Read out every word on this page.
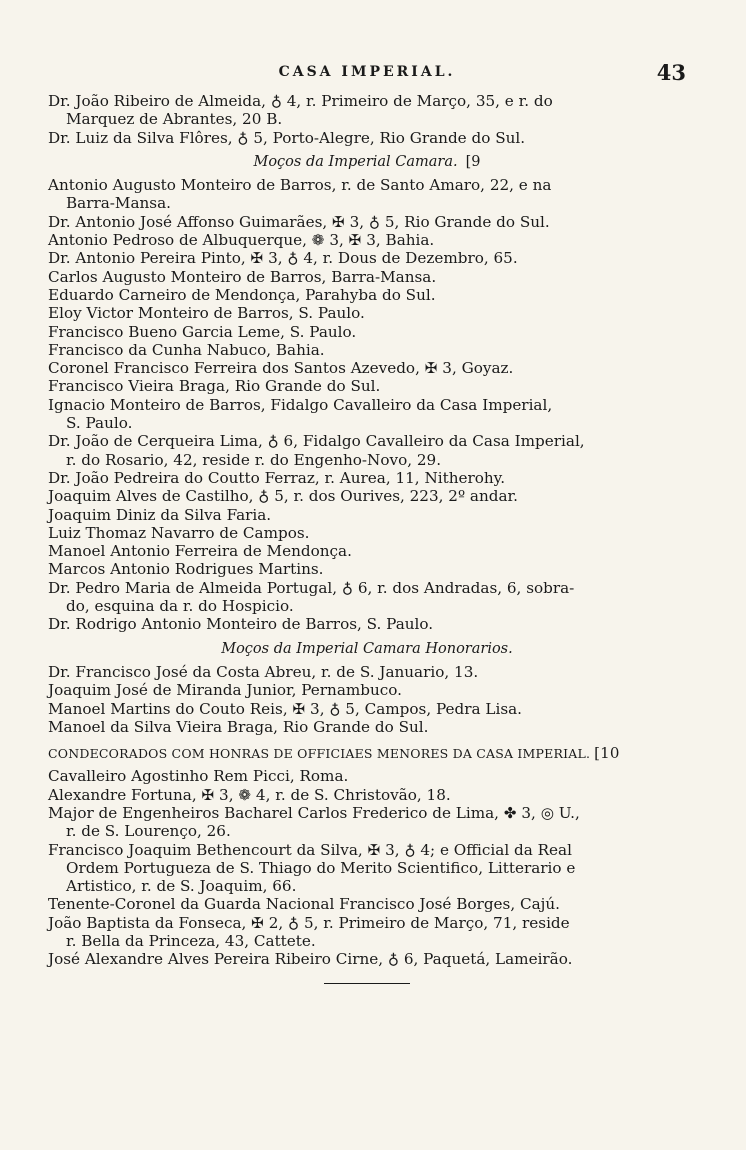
CASA IMPERIAL.	43
Dr. João Ribeiro de Almeida, ♁ 4, r. Primeiro de Março, 35, e r. do
Marquez de Abrantes, 20 B.
Dr. Luiz da Silva Flôres, ♁ 5, Porto-Alegre, Rio Grande do Sul.
Moços da Imperial Camara. [9
Antonio Augusto Monteiro de Barros, r. de Santo Amaro, 22, e na
Barra-Mansa.
Dr. Antonio José Affonso Guimarães, ✠ 3, ♁ 5, Rio Grande do Sul.
Antonio Pedroso de Albuquerque, ❁ 3, ✠ 3, Bahia.
Dr. Antonio Pereira Pinto, ✠ 3, ♁ 4, r. Dous de Dezembro, 65.
Carlos Augusto Monteiro de Barros, Barra-Mansa.
Eduardo Carneiro de Mendonça, Parahyba do Sul.
Eloy Victor Monteiro de Barros, S. Paulo.
Francisco Bueno Garcia Leme, S. Paulo.
Francisco da Cunha Nabuco, Bahia.
Coronel Francisco Ferreira dos Santos Azevedo, ✠ 3, Goyaz.
Francisco Vieira Braga, Rio Grande do Sul.
Ignacio Monteiro de Barros, Fidalgo Cavalleiro da Casa Imperial,
S. Paulo.
Dr. João de Cerqueira Lima, ♁ 6, Fidalgo Cavalleiro da Casa Imperial,
r. do Rosario, 42, reside r. do Engenho-Novo, 29.
Dr. João Pedreira do Coutto Ferraz, r. Aurea, 11, Nitherohy.
Joaquim Alves de Castilho, ♁ 5, r. dos Ourives, 223, 2º andar.
Joaquim Diniz da Silva Faria.
Luiz Thomaz Navarro de Campos.
Manoel Antonio Ferreira de Mendonça.
Marcos Antonio Rodrigues Martins.
Dr. Pedro Maria de Almeida Portugal, ♁ 6, r. dos Andradas, 6, sobra-
do, esquina da r. do Hospicio.
Dr. Rodrigo Antonio Monteiro de Barros, S. Paulo.
Moços da Imperial Camara Honorarios.
Dr. Francisco José da Costa Abreu, r. de S. Januario, 13.
Joaquim José de Miranda Junior, Pernambuco.
Manoel Martins do Couto Reis, ✠ 3, ♁ 5, Campos, Pedra Lisa.
Manoel da Silva Vieira Braga, Rio Grande do Sul.
CONDECORADOS COM HONRAS DE OFFICIAES MENORES DA CASA IMPERIAL. [10
Cavalleiro Agostinho Rem Picci, Roma.
Alexandre Fortuna, ✠ 3, ❁ 4, r. de S. Christovão, 18.
Major de Engenheiros Bacharel Carlos Frederico de Lima, ✤ 3, ◎ U.,
r. de S. Lourenço, 26.
Francisco Joaquim Bethencourt da Silva, ✠ 3, ♁ 4; e Official da Real
Ordem Portugueza de S. Thiago do Merito Scientifico, Litterario e
Artistico, r. de S. Joaquim, 66.
Tenente-Coronel da Guarda Nacional Francisco José Borges, Cajú.
João Baptista da Fonseca, ✠ 2, ♁ 5, r. Primeiro de Março, 71, reside
r. Bella da Princeza, 43, Cattete.
José Alexandre Alves Pereira Ribeiro Cirne, ♁ 6, Paquetá, Lameirão.
